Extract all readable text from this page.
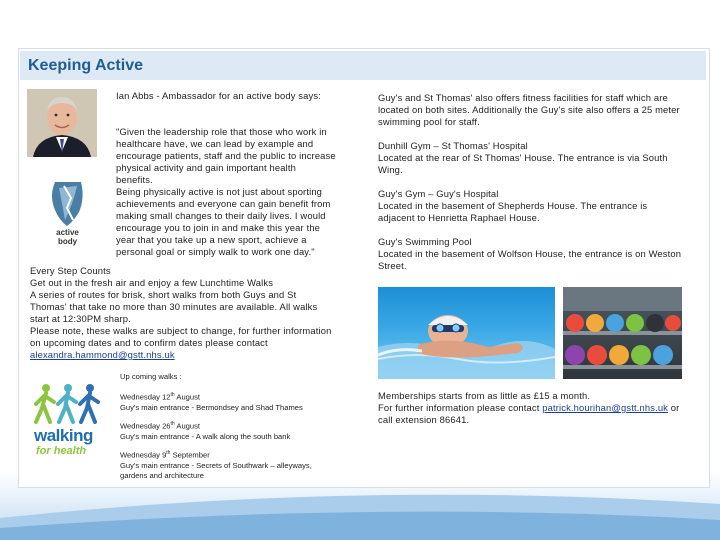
Keeping Active
active
body
Ian Abbs - Ambassador for an active body says:
"Given the leadership role that those who work in
healthcare have, we can lead by example and
encourage patients, staff and the public to increase
physical activity and gain important health
benefits.
Being physically active is not just about sporting
achievements and everyone can gain benefit from
making small changes to their daily lives. I would
encourage you to join in and make this year the
year that you take up a new sport, achieve a
personal goal or simply walk to work one day."
Every Step Counts
Get out in the fresh air and enjoy a few Lunchtime Walks
A series of routes for brisk, short walks from both Guys and St
Thomas' that take no more than 30 minutes are available. All walks
start at 12:30PM sharp.
Please note, these walks are subject to change, for further information
on upcoming dates and to confirm dates please contact
alexandra.hammond@gstt.nhs.uk
Up coming walks :
Wednesday 12th August
Guy's main entrance - Bermondsey and Shad Thames
Wednesday 26th August
Guy's main entrance - A walk along the south bank
Wednesday 9th September
Guy's main entrance - Secrets of Southwark – alleyways,
gardens and architecture
walking
for health
Guy's and St Thomas' also offers fitness facilities for staff which are
located on both sites. Additionally the Guy's site also offers a 25 meter
swimming pool for staff.
Dunhill Gym – St Thomas' Hospital
Located at the rear of St Thomas' House. The entrance is via South
Wing.
Guy's Gym – Guy's Hospital
Located in the basement of Shepherds House. The entrance is
adjacent to Henrietta Raphael House.
Guy's Swimming Pool
Located in the basement of Wolfson House, the entrance is on Weston
Street.
Memberships starts from as little as £15 a month.
For further information please contact patrick.hourihan@gstt.nhs.uk or
call extension 86641.
